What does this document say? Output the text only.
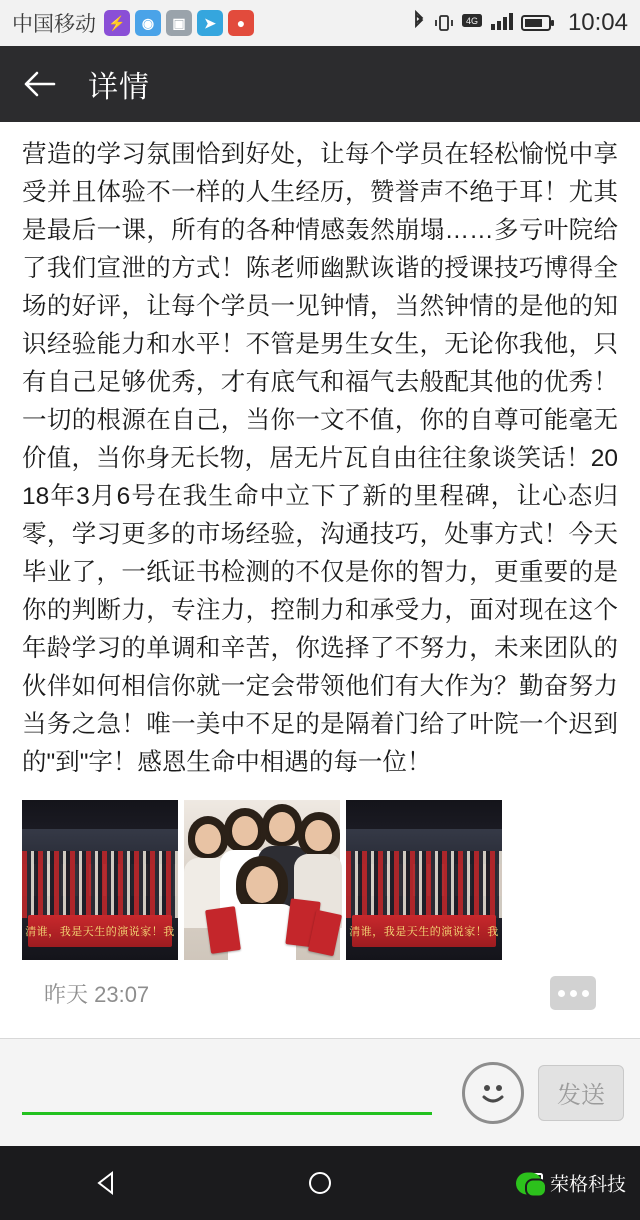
中国移动 ⚡	◉	▣	➤	●	4G	10:04
详情
营造的学习氛围恰到好处，让每个学员在轻松愉悦中享受并且体验不一样的人生经历，赞誉声不绝于耳！尤其是最后一课，所有的各种情感轰然崩塌……多亏叶院给了我们宣泄的方式！陈老师幽默诙谐的授课技巧博得全场的好评，让每个学员一见钟情，当然钟情的是他的知识经验能力和水平！不管是男生女生，无论你我他，只有自己足够优秀，才有底气和福气去般配其他的优秀！一切的根源在自己，当你一文不值，你的自尊可能毫无价值，当你身无长物，居无片瓦自由往往象谈笑话！2018年3月6号在我生命中立下了新的里程碑，让心态归零，学习更多的市场经验，沟通技巧，处事方式！今天毕业了，一纸证书检测的不仅是你的智力，更重要的是你的判断力，专注力，控制力和承受力，面对现在这个年龄学习的单调和辛苦，你选择了不努力，未来团队的伙伴如何相信你就一定会带领他们有大作为？勤奋努力当务之急！唯一美中不足的是隔着门给了叶院一个迟到的"到"字！感恩生命中相遇的每一位！
清谁，我是天生的演说家！我	清谁，我是天生的演说家！我
昨天 23:07
发送
荣格科技
